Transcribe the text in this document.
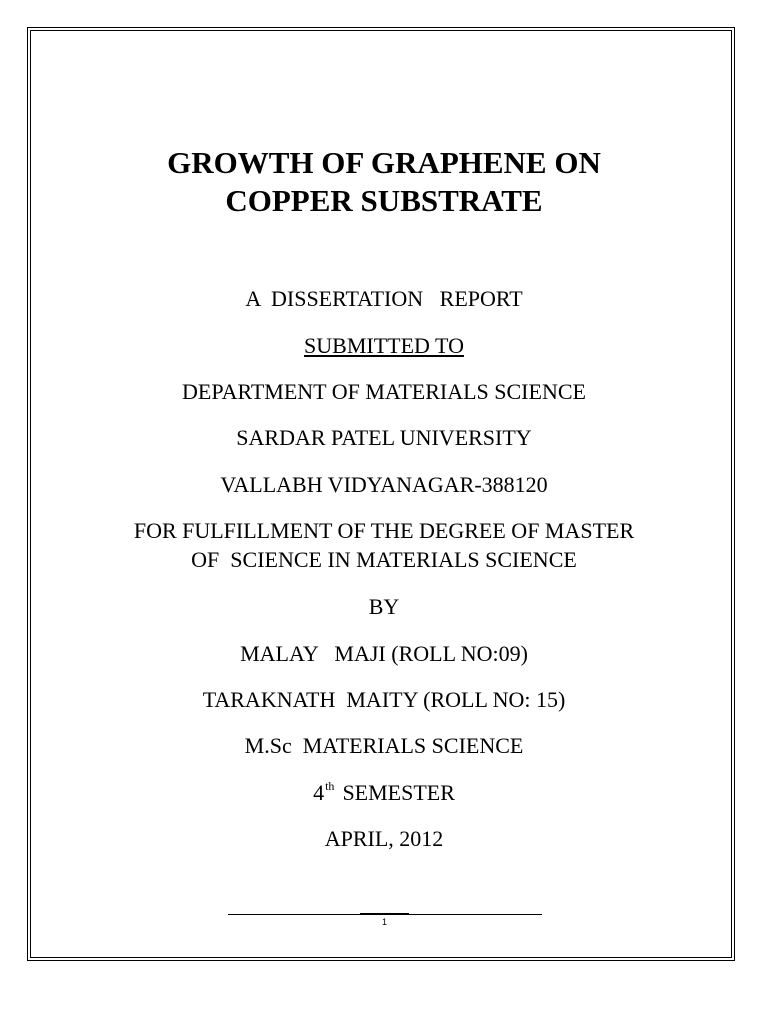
GROWTH OF GRAPHENE ON
COPPER SUBSTRATE
A  DISSERTATION   REPORT
SUBMITTED TO
DEPARTMENT OF MATERIALS SCIENCE
SARDAR PATEL UNIVERSITY
VALLABH VIDYANAGAR-388120
FOR FULFILLMENT OF THE DEGREE OF MASTER
OF  SCIENCE IN MATERIALS SCIENCE
BY
MALAY   MAJI (ROLL NO:09)
TARAKNATH  MAITY (ROLL NO: 15)
M.Sc  MATERIALS SCIENCE
4th SEMESTER
APRIL, 2012
1
